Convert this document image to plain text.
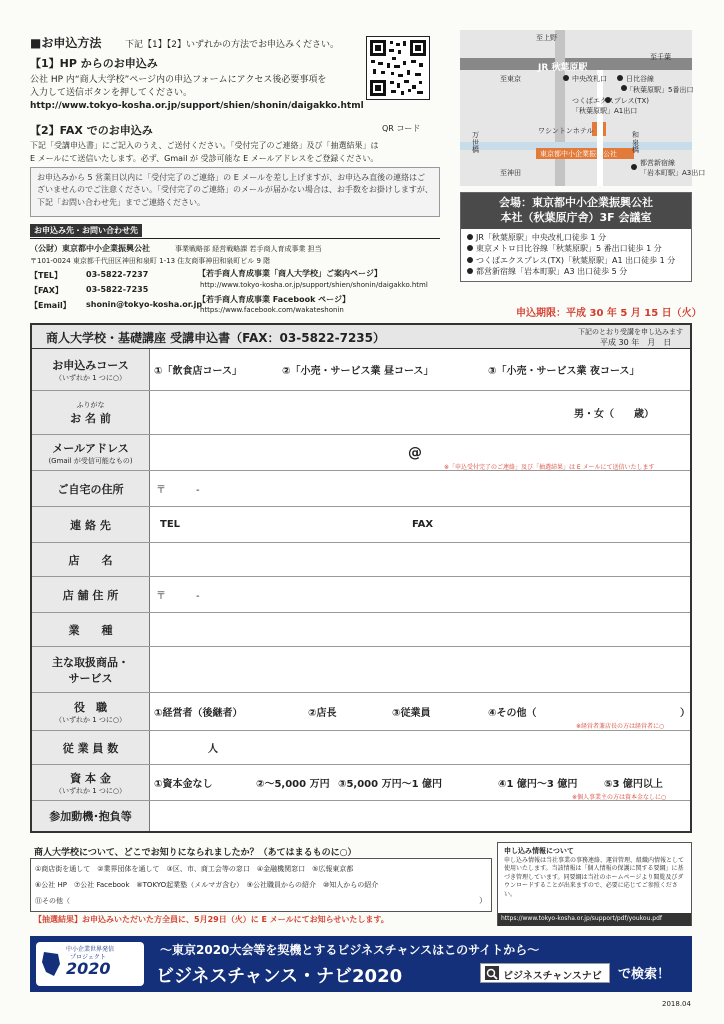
■お申込方法	下記【1】【2】いずれかの方法でお申込みください。
【1】HP からのお申込み
公社 HP 内“商人大学校”ページ内の申込フォームにアクセス後必要事項を
入力して送信ボタンを押してください。
http://www.tokyo-kosha.or.jp/support/shien/shonin/daigakko.html
QR コード
【2】FAX でのお申込み
下記「受講申込書」にご記入のうえ、ご送付ください。「受付完了のご連絡」及び「抽選結果」は
E メールにて送信いたします。必ず、Gmail が 受診可能な E メールアドレスをご登録ください。
お申込みから 5 営業日以内に「受付完了のご連絡」の E メールを差し上げますが、お申込み直後の連絡はございませんのでご注意ください。「受付完了のご連絡」のメールが届かない場合は、お手数をお掛けしますが、下記「お問い合わせ先」までご連絡ください。
お申込み先・お問い合わせ先
（公財）東京都中小企業振興公社	事業戦略部 経営戦略課 若手商人育成事業 担当
〒101-0024 東京都千代田区神田和泉町 1-13 住友商事神田和泉町ビル 9 階
【TEL】	03-5822-7237
【FAX】	03-5822-7235
【Email】 shonin@tokyo-kosha.or.jp
【若手商人育成事業「商人大学校」ご案内ページ】
http://www.tokyo-kosha.or.jp/support/shien/shonin/daigakko.html
【若手商人育成事業 Facebook ページ】
https://www.facebook.com/wakateshonin
至上野
至千葉
JR 秋葉原駅
中央改札口	日比谷線
「秋葉原駅」5番出口
つくばエクスプレス(TX)
「秋葉原駅」A1出口
ワシントンホテル
万世橋
和泉橋
東京都中小企業振興公社
都営新宿線
「岩本町駅」A3出口
至神田
至東京
会場：東京都中小企業振興公社
本社（秋葉原庁舎）3F 会議室
JR「秋葉原駅」中央改札口徒歩 1 分
東京メトロ日比谷線「秋葉原駅」5 番出口徒歩 1 分
つくばエクスプレス(TX)「秋葉原駅」A1 出口徒歩 1 分
都営新宿線「岩本町駅」A3 出口徒歩 5 分
申込期限：平成 30 年 5 月 15 日（火）
商人大学校・基礎講座 受講申込書（FAX：03-5822-7235）	下記のとおり受講を申し込みます
平成 30 年　月　日
お申込みコース
（いずれか 1 つに○）
①「飲食店コース」	②「小売・サービス業 昼コース」	③「小売・サービス業 夜コース」
ふりがな
お 名 前	男・女（　　歳）
メールアドレス
(Gmail が受信可能なもの)	@
※「申込受付完了のご連絡」及び「抽選結果」は E メールにて送信いたします
ご自宅の住所	〒　　　-
連 絡 先	TEL	FAX
店　　名
店 舗 住 所	〒　　　-
業　　種
主な取扱商品・
サービス
役　職
（いずれか 1 つに○）
①経営者（後継者）	②店長	③従業員	④その他（	）
※経営者兼店長の方は経営者に○
従 業 員 数	人
資 本 金
（いずれか 1 つに○）
①資本金なし	②～5,000 万円 ③5,000 万円～1 億円	④1 億円～3 億円	⑤3 億円以上
※個人事業主の方は資本金なしに○
参加動機･抱負等
商人大学校について、どこでお知りになられましたか？（あてはまるものに○）
①商店街を通して　②業界団体を通して　③区、市、商工会等の窓口　④金融機関窓口　⑤広報東京都
⑥公社 HP　⑦公社 Facebook　⑧TOKYO起業塾（メルマガ含む）　⑨公社職員からの紹介　⑩知人からの紹介
⑪その他（	）
【抽選結果】お申込みいただいた方全員に、5月29日（火）に E メールにてお知らせいたします。
申し込み情報について
申し込み情報は当社事業の事務連絡、運営管理、組織内情報として使用いたします。当該情報は「個人情報の保護に関する要綱」に基づき管理しています。同要綱は当社のホームページより閲覧及びダウンロードすることが出来ますので、必要に応じてご参照ください。
https://www.tokyo-kosha.or.jp/support/pdf/youkou.pdf
中小企業世界発信
プロジェクト
2020
～東京2020大会等を契機とするビジネスチャンスはこのサイトから～
ビジネスチャンス・ナビ2020	ビジネスチャンスナビ で検索！
2018.04
